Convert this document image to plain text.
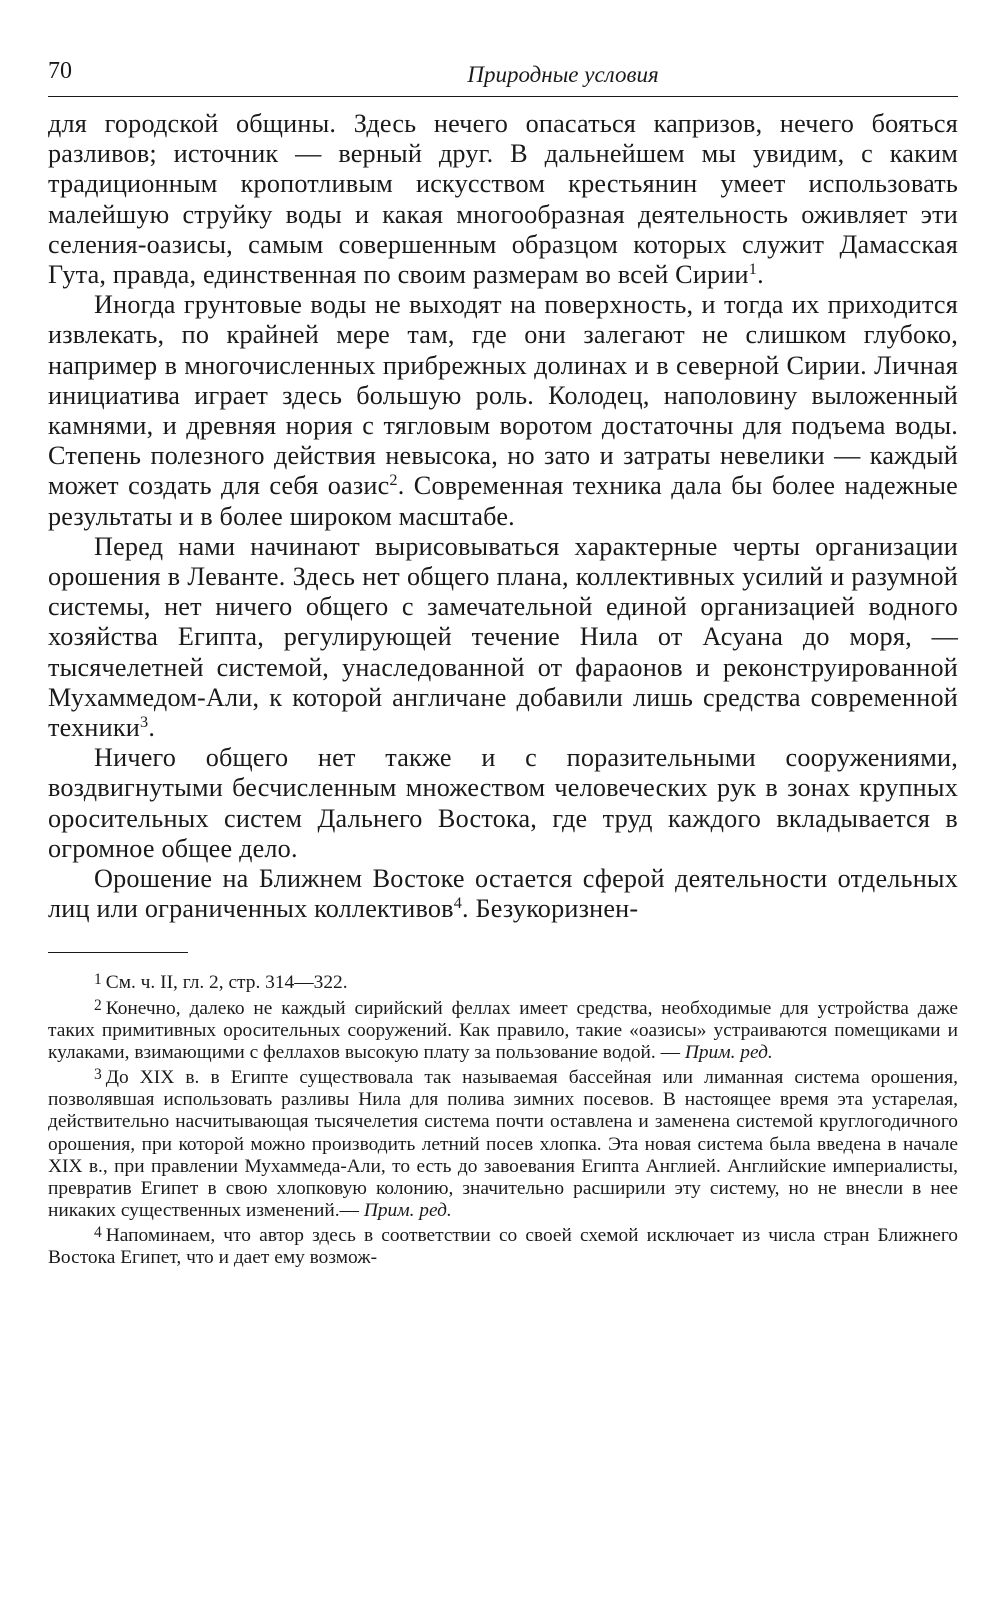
70	Природные условия

для городской общины. Здесь нечего опасаться капризов, нечего бояться разливов; источник — верный друг. В дальнейшем мы увидим, с каким традиционным кропотливым искусством крестьянин умеет использовать малейшую струйку воды и какая многообразная деятельность оживляет эти селения-оазисы, самым совершенным образцом которых служит Дамасская Гута, правда, единственная по своим размерам во всей Сирии$^1$.

Иногда грунтовые воды не выходят на поверхность, и тогда их приходится извлекать, по крайней мере там, где они залегают не слишком глубоко, например в многочисленных прибрежных долинах и в северной Сирии. Личная инициатива играет здесь большую роль. Колодец, наполовину выложенный камнями, и древняя нория с тягловым воротом достаточны для подъема воды. Степень полезного действия невысока, но зато и затраты невелики — каждый может создать для себя оазис$^2$. Современная техника дала бы более надежные результаты и в более широком масштабе.

Перед нами начинают вырисовываться характерные черты организации орошения в Леванте. Здесь нет общего плана, коллективных усилий и разумной системы, нет ничего общего с замечательной единой организацией водного хозяйства Египта, регулирующей течение Нила от Асуана до моря, — тысячелетней системой, унаследованной от фараонов и реконструированной Мухаммедом-Али, к которой англичане добавили лишь средства современной техники$^3$.

Ничего общего нет также и с поразительными сооружениями, воздвигнутыми бесчисленным множеством человеческих рук в зонах крупных оросительных систем Дальнего Востока, где труд каждого вкладывается в огромное общее дело.

Орошение на Ближнем Востоке остается сферой деятельности отдельных лиц или ограниченных коллективов$^4$. Безукоризнен-

$^1$ См. ч. II, гл. 2, стр. 314—322.

$^2$ Конечно, далеко не каждый сирийский феллах имеет средства, необходимые для устройства даже таких примитивных оросительных сооружений. Как правило, такие «оазисы» устраиваются помещиками и кулаками, взимающими с феллахов высокую плату за пользование водой. — Прим. ред.

$^3$ До XIX в. в Египте существовала так называемая бассейная или лиманная система орошения, позволявшая использовать разливы Нила для полива зимних посевов. В настоящее время эта устарелая, действительно насчитывающая тысячелетия система почти оставлена и заменена системой круглогодичного орошения, при которой можно производить летний посев хлопка. Эта новая система была введена в начале XIX в., при правлении Мухаммеда-Али, то есть до завоевания Египта Англией. Английские империалисты, превратив Египет в свою хлопковую колонию, значительно расширили эту систему, но не внесли в нее никаких существенных изменений.— Прим. ред.

$^4$ Напоминаем, что автор здесь в соответствии со своей схемой исключает из числа стран Ближнего Востока Египет, что и дает ему возмож-
